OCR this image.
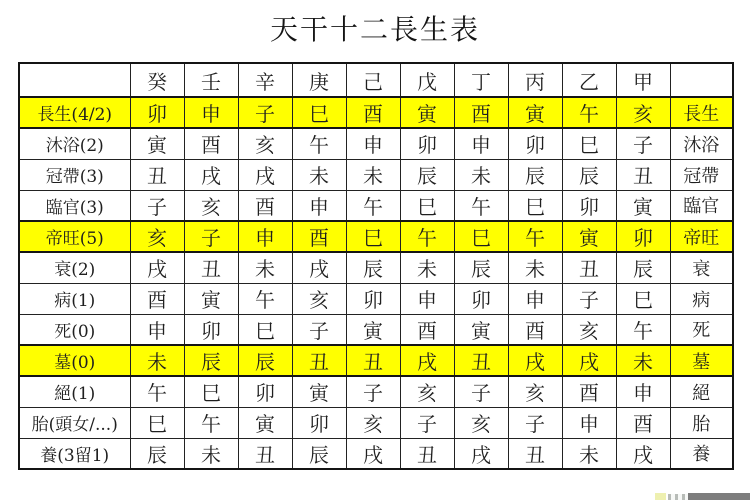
天干十二長生表
	癸	壬	辛	庚	己	戊	丁	丙	乙	甲	
長生(4/2)	卯	申	子	巳	酉	寅	酉	寅	午	亥	長生
沐浴(2)	寅	酉	亥	午	申	卯	申	卯	巳	子	沐浴
冠帶(3)	丑	戌	戌	未	未	辰	未	辰	辰	丑	冠帶
臨官(3)	子	亥	酉	申	午	巳	午	巳	卯	寅	臨官
帝旺(5)	亥	子	申	酉	巳	午	巳	午	寅	卯	帝旺
衰(2)	戌	丑	未	戌	辰	未	辰	未	丑	辰	衰
病(1)	酉	寅	午	亥	卯	申	卯	申	子	巳	病
死(0)	申	卯	巳	子	寅	酉	寅	酉	亥	午	死
墓(0)	未	辰	辰	丑	丑	戌	丑	戌	戌	未	墓
絕(1)	午	巳	卯	寅	子	亥	子	亥	酉	申	絕
胎(頭女/...)	巳	午	寅	卯	亥	子	亥	子	申	酉	胎
養(3留1)	辰	未	丑	辰	戌	丑	戌	丑	未	戌	養
